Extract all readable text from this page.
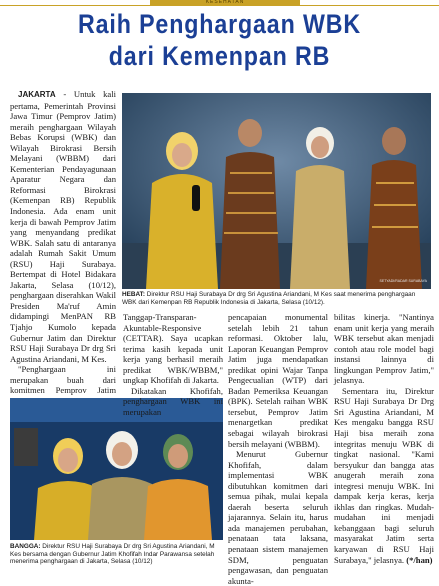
KESEHATAN
Raih Penghargaan WBK
dari Kemenpan RB

JAKARTA - Untuk kali pertama, Pemerintah Provinsi Jawa Timur (Pemprov Jatim) meraih penghargaan Wilayah Bebas Korupsi (WBK) dan Wilayah Birokrasi Bersih Melayani (WBBM) dari Kementerian Pendayagunaan Aparatur Negara dan Reformasi Birokrasi (Kemenpan RB) Republik Indonesia. Ada enam unit kerja di bawah Pemprov Jatim yang menyandang predikat WBK. Salah satu di antaranya adalah Rumah Sakit Umum (RSU) Haji Surabaya. Bertempat di Hotel Bidakara Jakarta, Selasa (10/12), penghargaan diserahkan Wakil Presiden Ma'ruf Amin didampingi MenPAN RB Tjahjo Kumolo kepada Gubernur Jatim dan Direktur RSU Haji Surabaya Dr drg Sri Agustina Ariandani, M Kes.

"Penghargaan ini merupakan buah dari komitmen Pemprov Jatim

SETYADI/RADAR SURABAYA
HEBAT: Direktur RSU Haji Surabaya Dr drg Sri Agustina Ariandani, M Kes saat menerima penghargaan WBK dari Kemenpan RB Republik Indonesia di Jakarta, Selasa (10/12).
BANGGA: Direktur RSU Haji Surabaya Dr drg Sri Agustina Ariandani, M Kes bersama dengan Gubernur Jatim Khofifah Indar Parawansa setelah menerima penghargaan di Jakarta, Selasa (10/12)

Tanggap-Transparan-Akuntable-Responsive (CETTAR). Saya ucapkan terima kasih kepada unit kerja yang berhasil meraih predikat WBK/WBBM," ungkap Khofifah di Jakarta.

Dikatakan Khofifah, penghargaan WBK ini merupakan

pencapaian monumental setelah lebih 21 tahun reformasi. Oktober lalu, Laporan Keuangan Pemprov Jatim juga mendapatkan predikat opini Wajar Tanpa Pengecualian (WTP) dari Badan Pemeriksa Keuangan (BPK). Setelah raihan WBK tersebut, Pemprov Jatim menargetkan predikat sebagai wilayah birokrasi bersih melayani (WBBM).

Menurut Gubernur Khofifah, dalam implementasi WBK dibutuhkan komitmen dari semua pihak, mulai kepala daerah beserta seluruh jajarannya. Selain itu, harus ada manajemen perubahan, penataan tata laksana, penataan sistem manajemen SDM, penguatan pengawasan, dan penguatan akunta-

bilitas kinerja. "Nantinya enam unit kerja yang meraih WBK tersebut akan menjadi contoh atau role model bagi instansi lainnya di lingkungan Pemprov Jatim," jelasnya.

Sementara itu, Direktur RSU Haji Surabaya Dr Drg Sri Agustina Ariandani, M Kes mengaku bangga RSU Haji bisa meraih zona integritas menuju WBK di tingkat nasional. "Kami bersyukur dan bangga atas anugerah meraih zona integresi menuju WBK. Ini dampak kerja keras, kerja ikhlas dan ringkas. Mudah-mudahan ini menjadi kebanggaan bagi seluruh masyarakat Jatim serta karyawan di RSU Haji Surabaya," jelasnya. (*/han)
